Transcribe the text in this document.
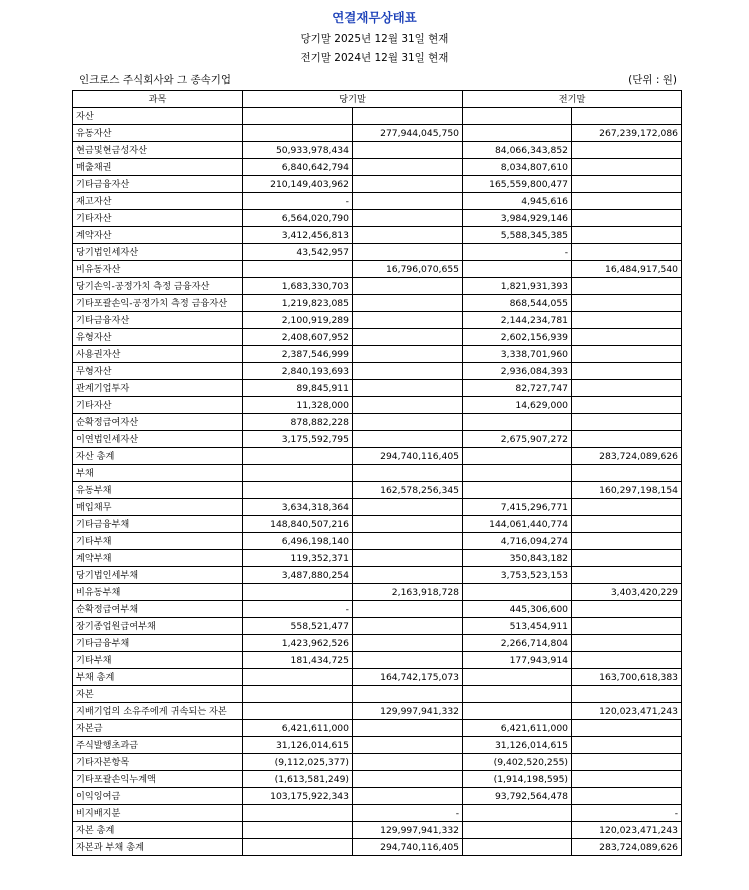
연결재무상태표
당기말 2025년 12월 31일 현재
전기말 2024년 12월 31일 현재
인크로스 주식회사와 그 종속기업	(단위 : 원)
과목	당기말		전기말	
자산				
유동자산		277,944,045,750		267,239,172,086
현금및현금성자산	50,933,978,434		84,066,343,852	
매출채권	6,840,642,794		8,034,807,610	
기타금융자산	210,149,403,962		165,559,800,477	
재고자산	-		4,945,616	
기타자산	6,564,020,790		3,984,929,146	
계약자산	3,412,456,813		5,588,345,385	
당기법인세자산	43,542,957		-	
비유동자산		16,796,070,655		16,484,917,540
당기손익-공정가치 측정 금융자산	1,683,330,703		1,821,931,393	
기타포괄손익-공정가치 측정 금융자산	1,219,823,085		868,544,055	
기타금융자산	2,100,919,289		2,144,234,781	
유형자산	2,408,607,952		2,602,156,939	
사용권자산	2,387,546,999		3,338,701,960	
무형자산	2,840,193,693		2,936,084,393	
관계기업투자	89,845,911		82,727,747	
기타자산	11,328,000		14,629,000	
순확정급여자산	878,882,228			
이연법인세자산	3,175,592,795		2,675,907,272	
자산 총계		294,740,116,405		283,724,089,626
부채				
유동부채		162,578,256,345		160,297,198,154
매입채무	3,634,318,364		7,415,296,771	
기타금융부채	148,840,507,216		144,061,440,774	
기타부채	6,496,198,140		4,716,094,274	
계약부채	119,352,371		350,843,182	
당기법인세부채	3,487,880,254		3,753,523,153	
비유동부채		2,163,918,728		3,403,420,229
순확정급여부채	-		445,306,600	
장기종업원급여부채	558,521,477		513,454,911	
기타금융부채	1,423,962,526		2,266,714,804	
기타부채	181,434,725		177,943,914	
부채 총계		164,742,175,073		163,700,618,383
자본				
지배기업의 소유주에게 귀속되는 자본		129,997,941,332		120,023,471,243
자본금	6,421,611,000		6,421,611,000	
주식발행초과금	31,126,014,615		31,126,014,615	
기타자본항목	(9,112,025,377)		(9,402,520,255)	
기타포괄손익누계액	(1,613,581,249)		(1,914,198,595)	
이익잉여금	103,175,922,343		93,792,564,478	
비지배지분		-		-
자본 총계		129,997,941,332		120,023,471,243
자본과 부채 총계		294,740,116,405		283,724,089,626
